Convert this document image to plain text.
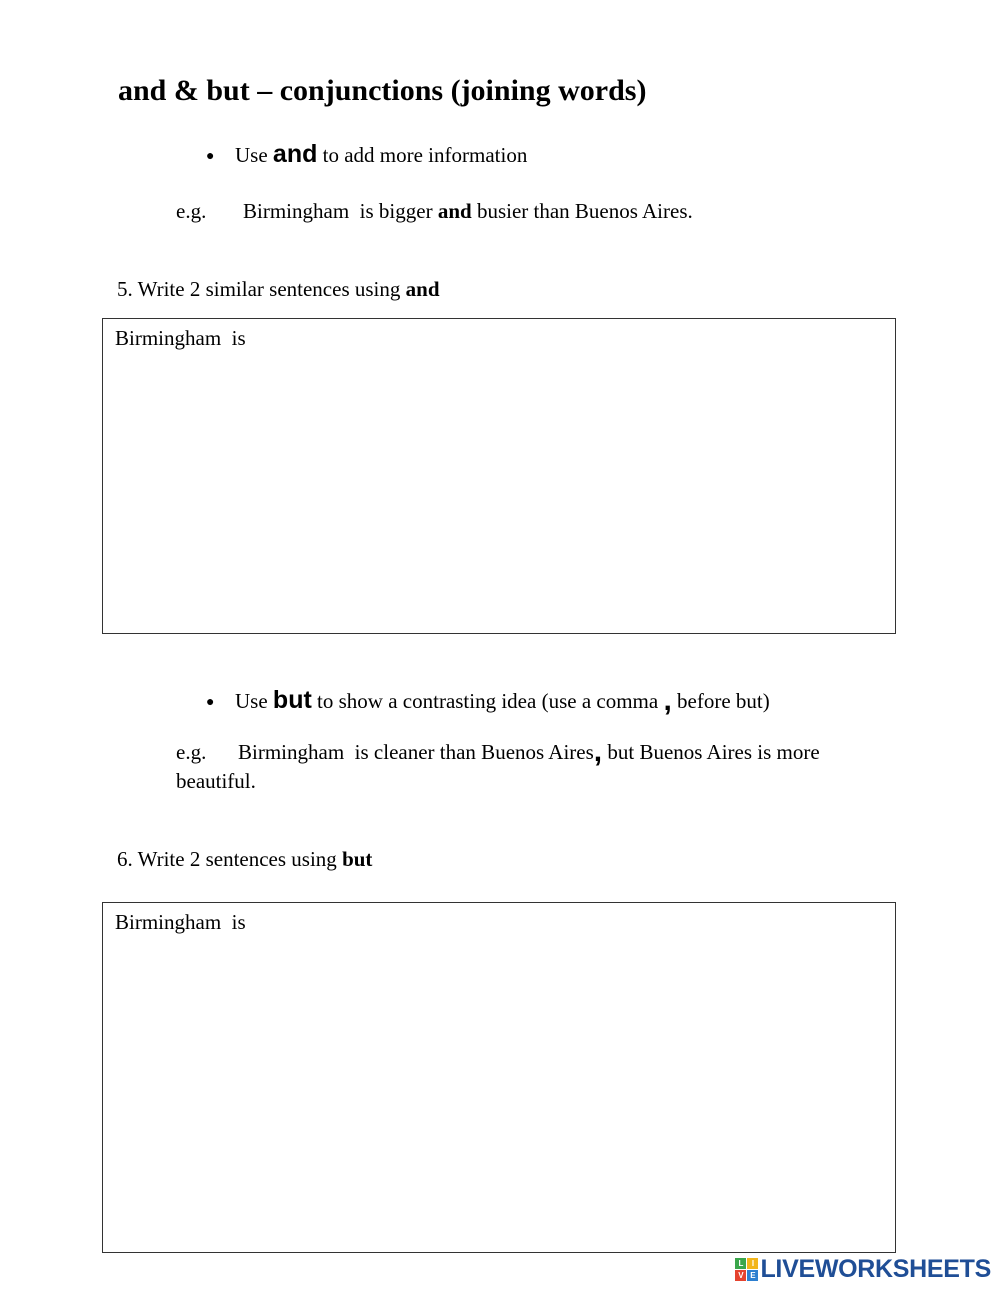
and & but – conjunctions (joining words)
● Use and to add more information
e.g. Birmingham  is bigger and busier than Buenos Aires.
5. Write 2 similar sentences using and
Birmingham  is
● Use but to show a contrasting idea (use a comma , before but)
e.g. Birmingham  is cleaner than Buenos Aires, but Buenos Aires is more beautiful.
6. Write 2 sentences using but
Birmingham  is
L	I
V E LIVEWORKSHEETS
